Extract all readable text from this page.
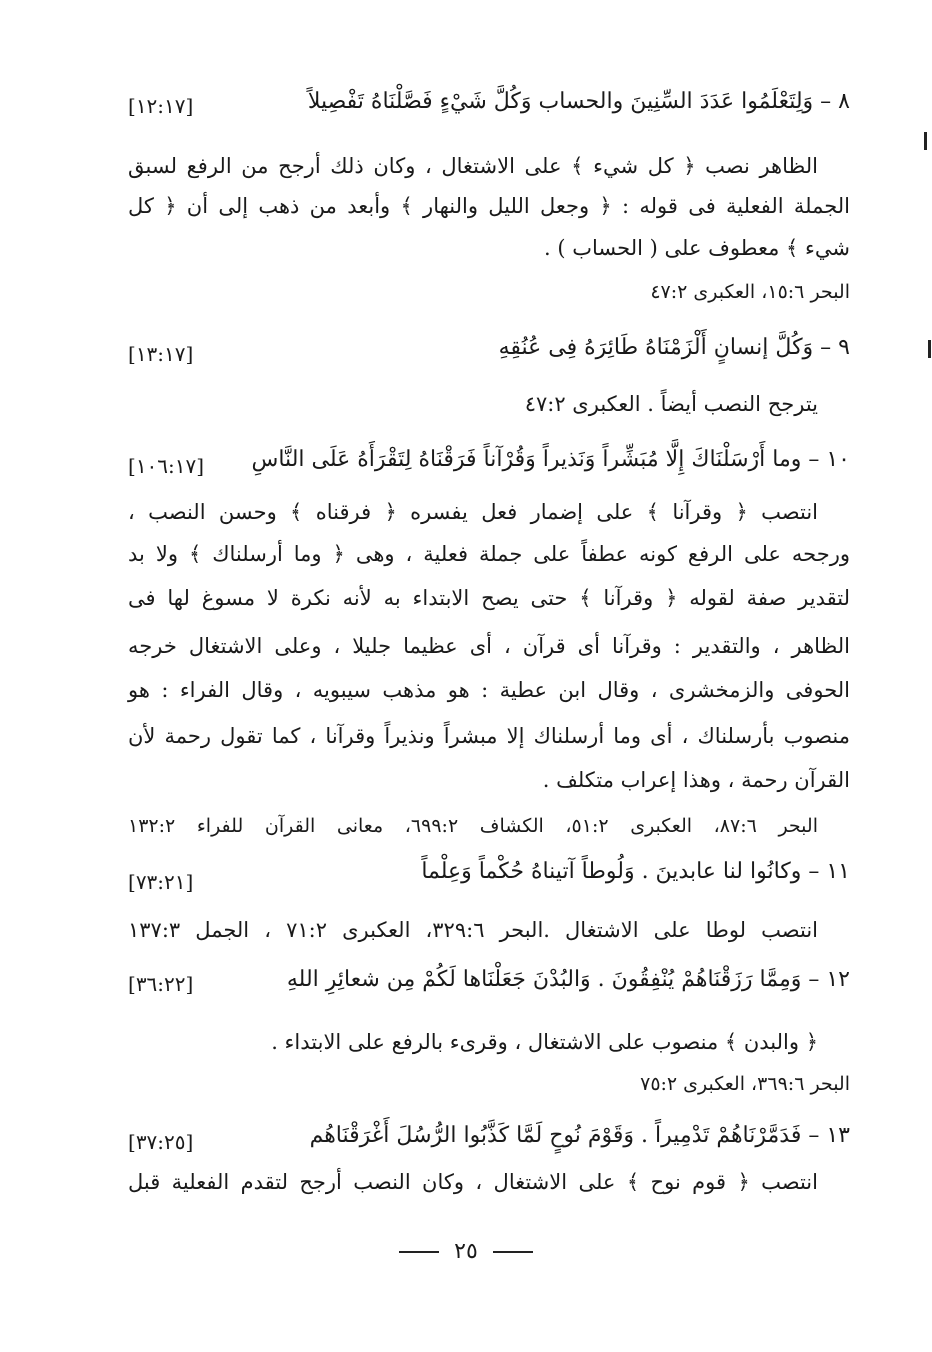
٨ – وَلِتَعْلَمُوا عَدَدَ السِّنِينَ والحساب وَكُلَّ شَيْءٍ فَصَّلْنَاهُ تَفْصِيلاً
[١٢:١٧]
الظاهر نصب ﴿ كل شيء ﴾ على الاشتغال ، وكان ذلك أرجح من الرفع لسبق
الجملة الفعلية فى قوله : ﴿ وجعل الليل والنهار ﴾ وأبعد من ذهب إلى أن ﴿ كل
شيء ﴾ معطوف على ( الحساب ) .
البحر ١٥:٦، العكبرى ٤٧:٢
٩ – وَكُلَّ إنسانٍ أَلْزَمْنَاهُ طَائِرَهُ فِى عُنُقِهِ
[١٣:١٧]
يترجح النصب أيضاً . العكبرى ٤٧:٢
١٠ – وما أَرْسَلْنَاكَ إِلَّا مُبَشِّراً وَنَذيراً وَقُرْآناً فَرَقْنَاهُ لِتَقْرَأَهُ عَلَى النَّاسِ
[١٠٦:١٧]
انتصب ﴿ وقرآنا ﴾ على إضمار فعل يفسره ﴿ فرقناه ﴾ وحسن النصب ،
ورجحه على الرفع كونه عطفاً على جملة فعلية ، وهى ﴿ وما أرسلناك ﴾ ولا بد
لتقدير صفة لقوله ﴿ وقرآنا ﴾ حتى يصح الابتداء به لأنه نكرة لا مسوغ لها فى
الظاهر ، والتقدير : وقرآنا أى قرآن ، أى عظيما جليلا ، وعلى الاشتغال خرجه
الحوفى والزمخشرى ، وقال ابن عطية : هو مذهب سيبويه ، وقال الفراء : هو
منصوب بأرسلناك ، أى وما أرسلناك إلا مبشراً ونذيراً وقرآنا ، كما تقول رحمة لأن
القرآن رحمة ، وهذا إعراب متكلف .
البحر ٨٧:٦، العكبرى ٥١:٢، الكشاف ٦٩٩:٢، معانى القرآن للفراء ١٣٢:٢
١١ – وكانُوا لنا عابدينَ . وَلُوطاً آتيناهُ حُكْماً وَعِلْماً
[٧٣:٢١]
انتصب لوطا على الاشتغال .البحر ٣٢٩:٦، العكبرى ٧١:٢ ، الجمل ١٣٧:٣
١٢ – وَمِمَّا رَزَقْنَاهُمْ يُنْفِقُونَ . وَالبُدْنَ جَعَلْنَاها لَكُمْ مِن شعائِرِ اللهِ
[٣٦:٢٢]
﴿ والبدن ﴾ منصوب على الاشتغال ، وقرىء بالرفع على الابتداء .
البحر ٣٦٩:٦، العكبرى ٧٥:٢
١٣ – فَدَمَّرْنَاهُمْ تَدْمِيراً . وَقَوْمَ نُوحٍ لَمَّا كَذَّبُوا الرُّسُلَ أَغْرَقْنَاهُم
[٣٧:٢٥]
انتصب ﴿ قوم نوح ﴾ على الاشتغال ، وكان النصب أرجح لتقدم الفعلية قبل
٢٥
